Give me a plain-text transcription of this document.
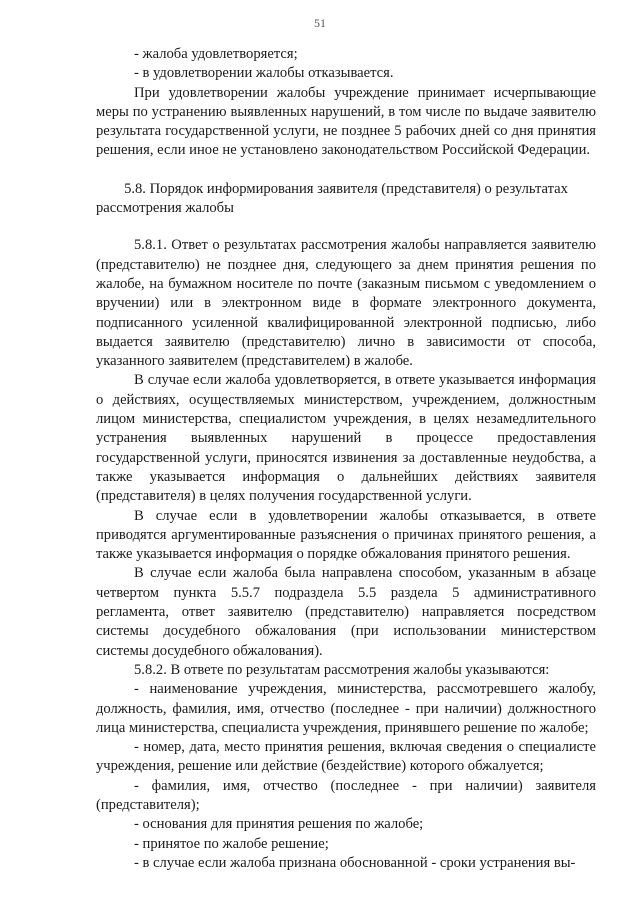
51

- жалоба удовлетворяется;

- в удовлетворении жалобы отказывается.

При удовлетворении жалобы учреждение принимает исчерпывающие меры по устранению выявленных нарушений, в том числе по выдаче заявителю результата государственной услуги, не позднее 5 рабочих дней со дня принятия решения, если иное не установлено законодательством Российской Федерации.

5.8. Порядок информирования заявителя (представителя) о результатах рассмотрения жалобы

5.8.1. Ответ о результатах рассмотрения жалобы направляется заявителю (представителю) не позднее дня, следующего за днем принятия решения по жалобе, на бумажном носителе по почте (заказным письмом с уведомлением о вручении) или в электронном виде в формате электронного документа, подписанного усиленной квалифицированной электронной подписью, либо выдается заявителю (представителю) лично в зависимости от способа, указанного заявителем (представителем) в жалобе.

В случае если жалоба удовлетворяется, в ответе указывается информация о действиях, осуществляемых министерством, учреждением, должностным лицом министерства, специалистом учреждения, в целях незамедлительного устранения выявленных нарушений в процессе предоставления государственной услуги, приносятся извинения за доставленные неудобства, а также указывается информация о дальнейших действиях заявителя (представителя) в целях получения государственной услуги.

В случае если в удовлетворении жалобы отказывается, в ответе приводятся аргументированные разъяснения о причинах принятого решения, а также указывается информация о порядке обжалования принятого решения.

В случае если жалоба была направлена способом, указанным в абзаце четвертом пункта 5.5.7 подраздела 5.5 раздела 5 административного регламента, ответ заявителю (представителю) направляется посредством системы досудебного обжалования (при использовании министерством системы досудебного обжалования).

5.8.2. В ответе по результатам рассмотрения жалобы указываются:

- наименование учреждения, министерства, рассмотревшего жалобу, должность, фамилия, имя, отчество (последнее - при наличии) должностного лица министерства, специалиста учреждения, принявшего решение по жалобе;

- номер, дата, место принятия решения, включая сведения о специалисте учреждения, решение или действие (бездействие) которого обжалуется;

- фамилия, имя, отчество (последнее - при наличии) заявителя (представителя);

- основания для принятия решения по жалобе;

- принятое по жалобе решение;

- в случае если жалоба признана обоснованной - сроки устранения вы-
